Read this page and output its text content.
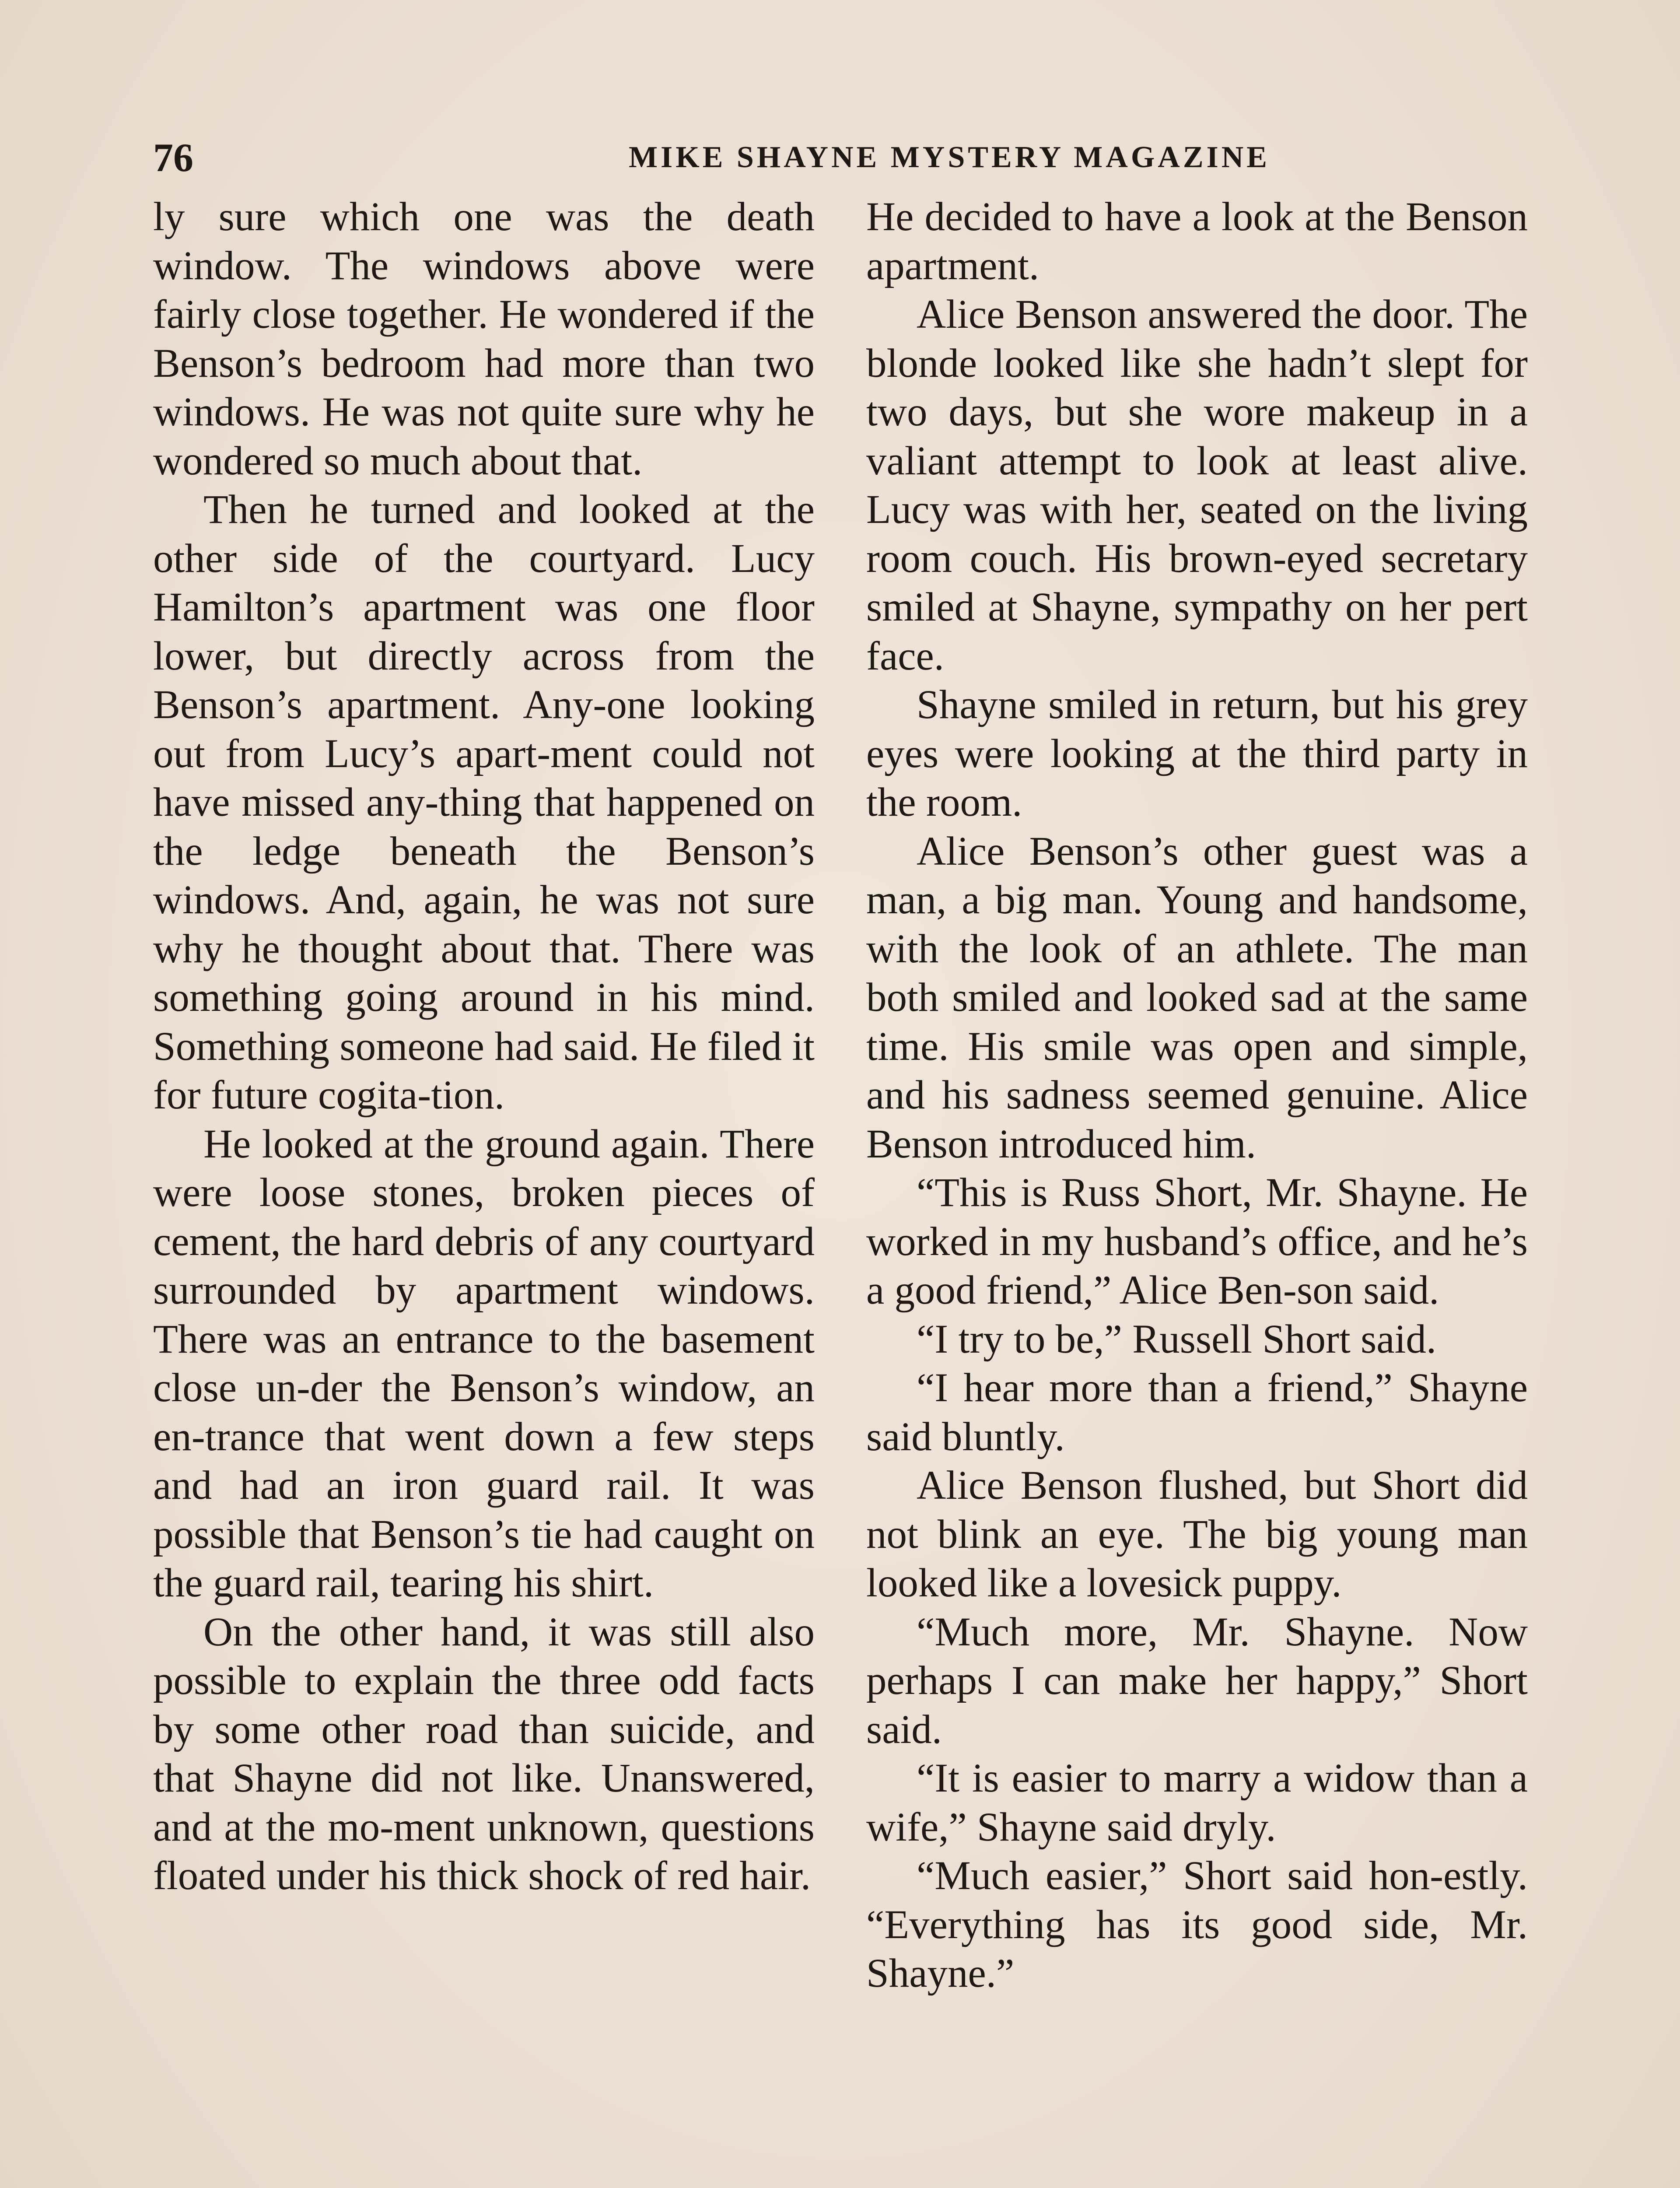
76	MIKE SHAYNE MYSTERY MAGAZINE

ly sure which one was the death window. The windows above were fairly close together. He wondered if the Benson’s bedroom had more than two windows. He was not quite sure why he wondered so much about that.

Then he turned and looked at the other side of the courtyard. Lucy Hamilton’s apartment was one floor lower, but directly across from the Benson’s apartment. Any-one looking out from Lucy’s apart-ment could not have missed any-thing that happened on the ledge beneath the Benson’s windows. And, again, he was not sure why he thought about that. There was something going around in his mind. Something someone had said. He filed it for future cogita-tion.

He looked at the ground again. There were loose stones, broken pieces of cement, the hard debris of any courtyard surrounded by apartment windows. There was an entrance to the basement close un-der the Benson’s window, an en-trance that went down a few steps and had an iron guard rail. It was possible that Benson’s tie had caught on the guard rail, tearing his shirt.

On the other hand, it was still also possible to explain the three odd facts by some other road than suicide, and that Shayne did not like. Unanswered, and at the mo-ment unknown, questions floated under his thick shock of red hair.

He decided to have a look at the Benson apartment.

Alice Benson answered the door. The blonde looked like she hadn’t slept for two days, but she wore makeup in a valiant attempt to look at least alive. Lucy was with her, seated on the living room couch. His brown-eyed secretary smiled at Shayne, sympathy on her pert face.

Shayne smiled in return, but his grey eyes were looking at the third party in the room.

Alice Benson’s other guest was a man, a big man. Young and handsome, with the look of an athlete. The man both smiled and looked sad at the same time. His smile was open and simple, and his sadness seemed genuine. Alice Benson introduced him.

“This is Russ Short, Mr. Shayne. He worked in my husband’s office, and he’s a good friend,” Alice Ben-son said.

“I try to be,” Russell Short said.

“I hear more than a friend,” Shayne said bluntly.

Alice Benson flushed, but Short did not blink an eye. The big young man looked like a lovesick puppy.

“Much more, Mr. Shayne. Now perhaps I can make her happy,” Short said.

“It is easier to marry a widow than a wife,” Shayne said dryly.

“Much easier,” Short said hon-estly. “Everything has its good side, Mr. Shayne.”
